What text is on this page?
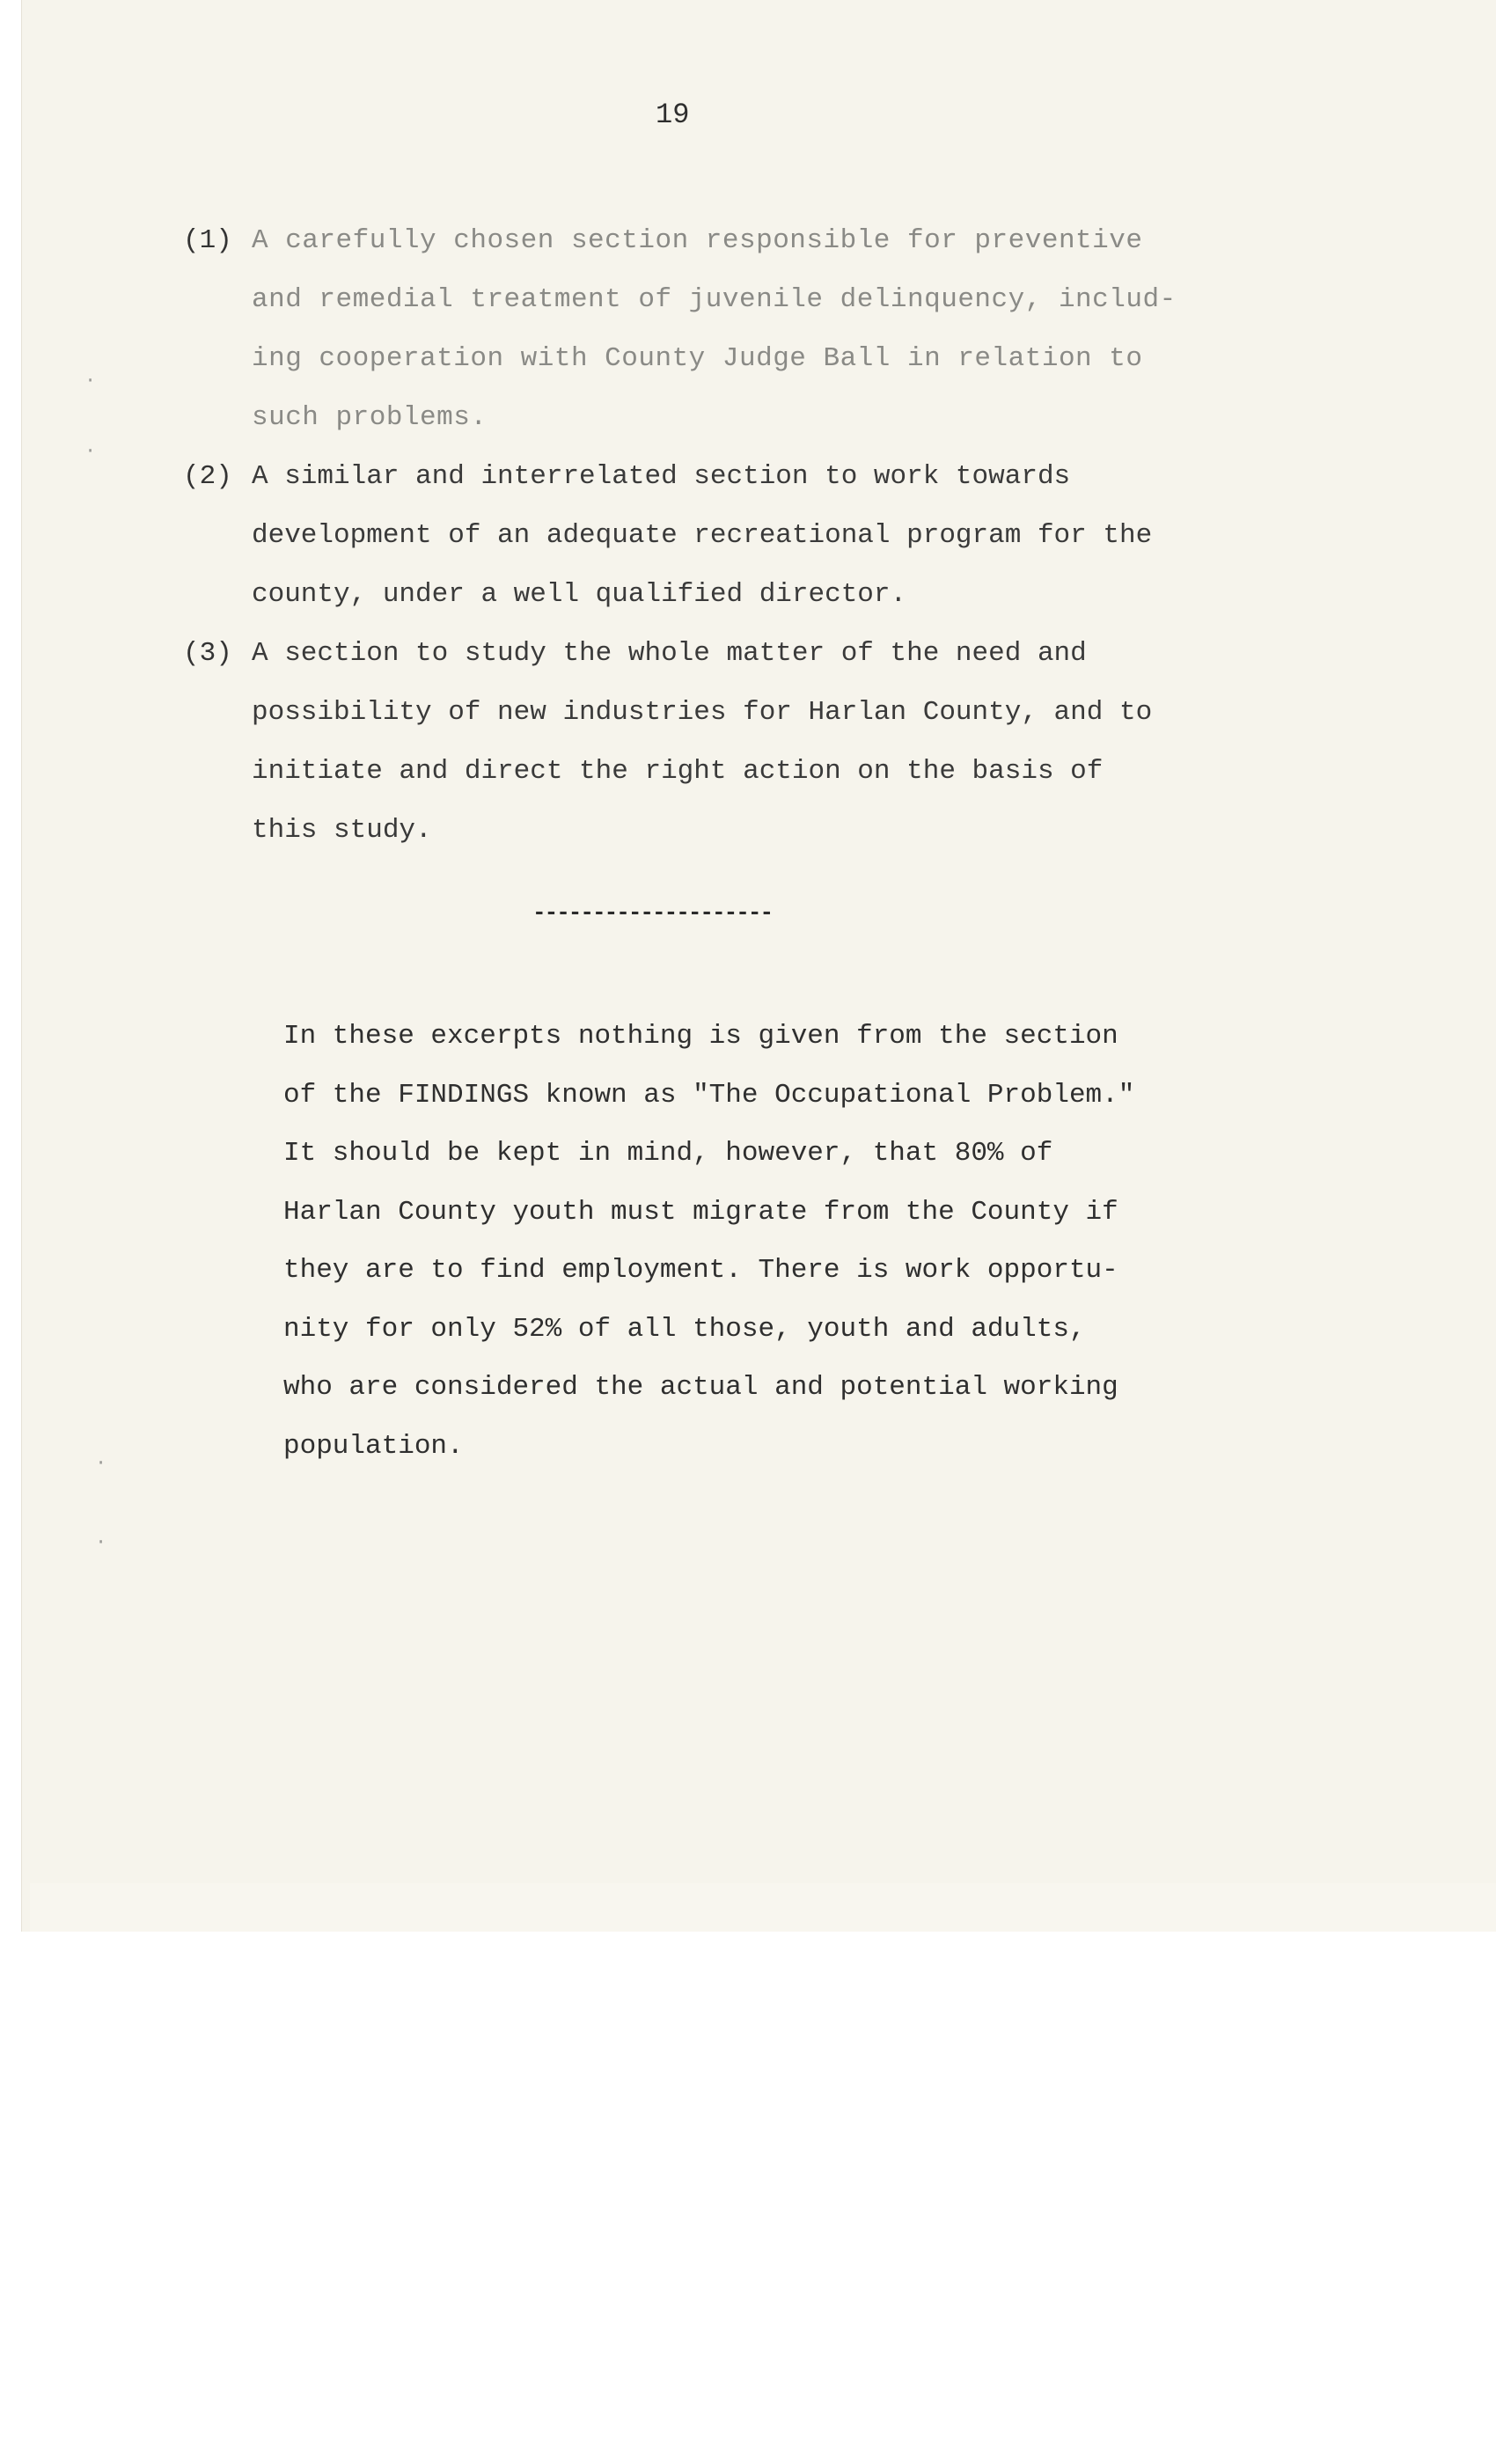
19
(1) A carefully chosen section responsible for preventive
and remedial treatment of juvenile delinquency, includ-
ing cooperation with County Judge Ball in relation to
such problems.
(2) A similar and interrelated section to work towards
development of an adequate recreational program for the
county, under a well qualified director.
(3) A section to study the whole matter of the need and
possibility of new industries for Harlan County, and to
initiate and direct the right action on the basis of
this study.
--------------------

In these excerpts nothing is given from the section
of the FINDINGS known as "The Occupational Problem."
It should be kept in mind, however, that 80% of
Harlan County youth must migrate from the County if
they are to find employment. There is work opportu-
nity for only 52% of all those, youth and adults,
who are considered the actual and potential working
population.

·
·
·
·
